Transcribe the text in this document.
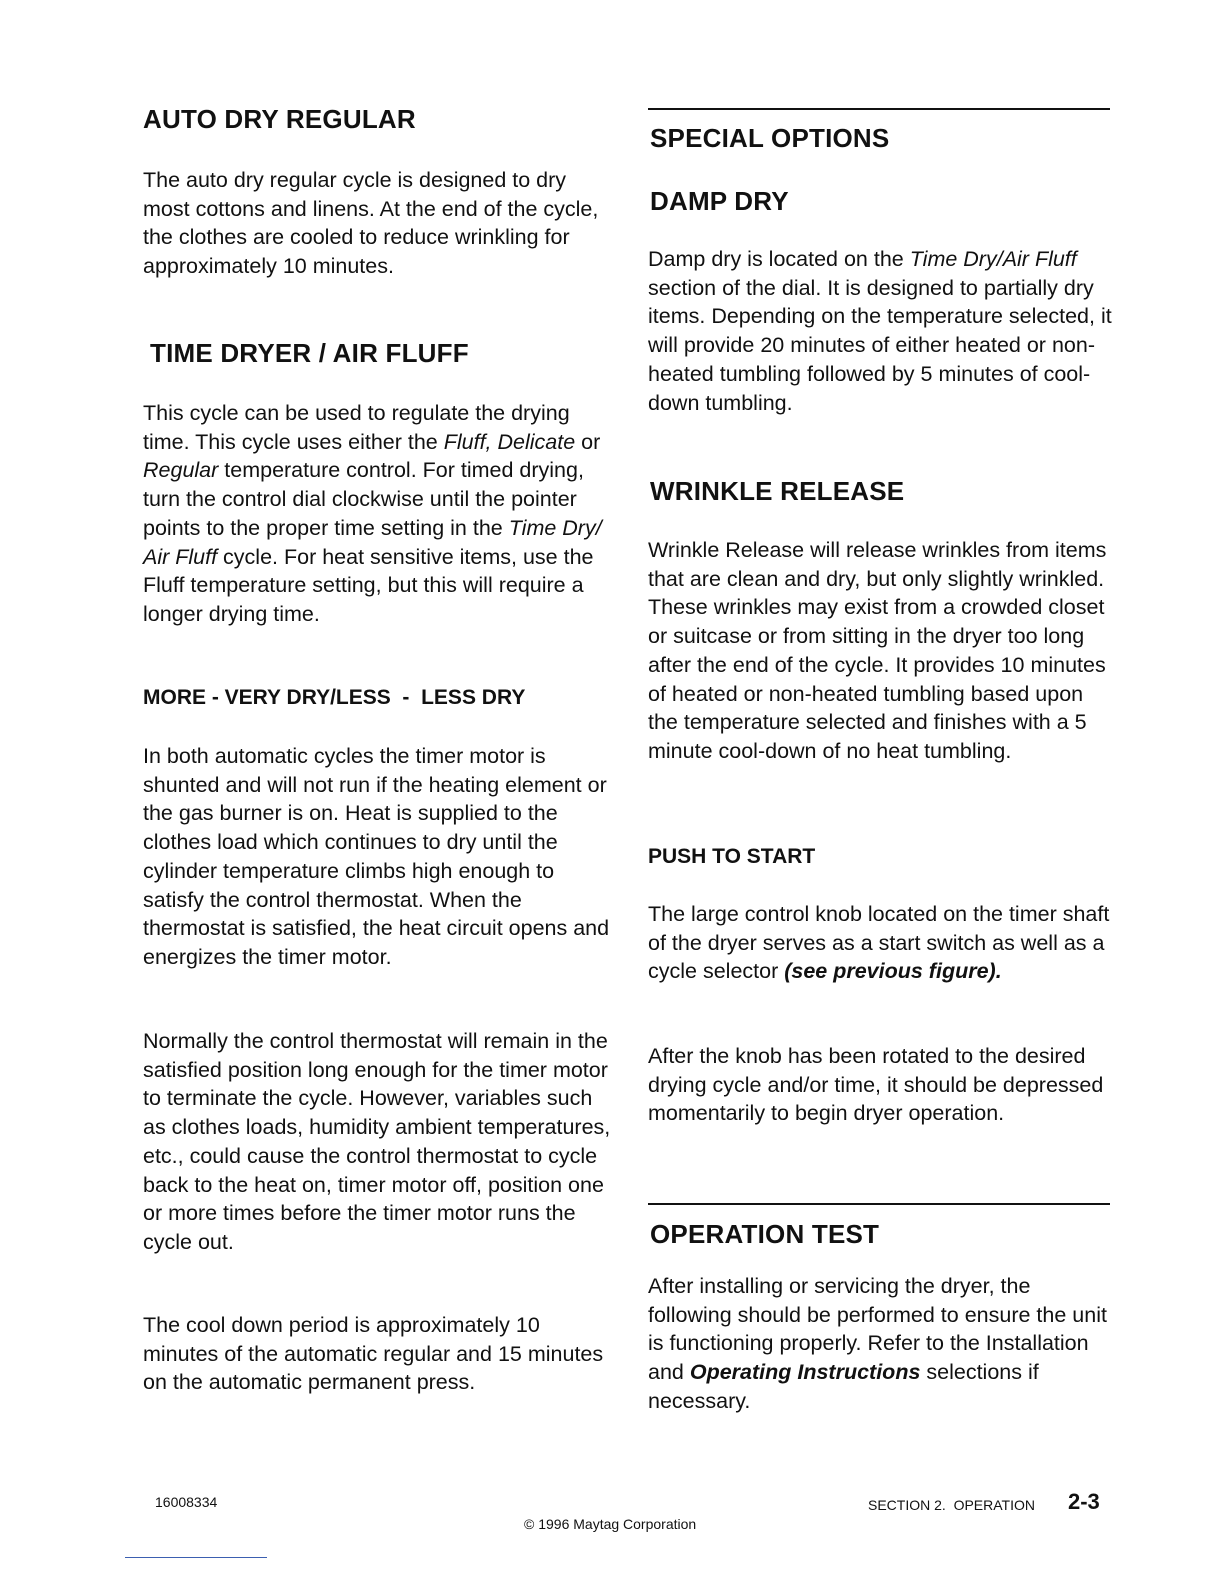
AUTO DRY REGULAR

The auto dry regular cycle is designed to dry most cottons and linens. At the end of the cycle, the clothes are cooled to reduce wrinkling for approximately 10 minutes.

TIME DRYER / AIR FLUFF

This cycle can be used to regulate the drying time. This cycle uses either the Fluff, Delicate or Regular temperature control. For timed drying, turn the control dial clockwise until the pointer points to the proper time setting in the Time Dry/ Air Fluff cycle. For heat sensitive items, use the Fluff temperature setting, but this will require a longer drying time.

MORE - VERY DRY/LESS  -  LESS DRY

In both automatic cycles the timer motor is shunted and will not run if the heating element or the gas burner is on. Heat is supplied to the clothes load which continues to dry until the cylinder temperature climbs high enough to satisfy the control thermostat. When the thermostat is satisfied, the heat circuit opens and energizes the timer motor.

Normally the control thermostat will remain in the satisfied position long enough for the timer motor to terminate the cycle. However, variables such as clothes loads, humidity ambient temperatures, etc., could cause the control thermostat to cycle back to the heat on, timer motor off, position one or more times before the timer motor runs the cycle out.

The cool down period is approximately 10 minutes of the automatic regular and 15 minutes on the automatic permanent press.

SPECIAL OPTIONS
DAMP DRY

Damp dry is located on the Time Dry/Air Fluff section of the dial. It is designed to partially dry items. Depending on the temperature selected, it will provide 20 minutes of either heated or non-heated tumbling followed by 5 minutes of cool-down tumbling.

WRINKLE RELEASE

Wrinkle Release will release wrinkles from items that are clean and dry, but only slightly wrinkled. These wrinkles may exist from a crowded closet or suitcase or from sitting in the dryer too long after the end of the cycle. It provides 10 minutes of heated or non-heated tumbling based upon the temperature selected and finishes with a 5 minute cool-down of no heat tumbling.

PUSH TO START

The large control knob located on the timer shaft of the dryer serves as a start switch as well as a cycle selector (see previous figure).

After the knob has been rotated to the desired drying cycle and/or time, it should be depressed momentarily to begin dryer operation.

OPERATION TEST

After installing or servicing the dryer, the following should be performed to ensure the unit is functioning properly. Refer to the Installation and Operating Instructions selections if necessary.

16008334
© 1996 Maytag Corporation
SECTION 2.  OPERATION 2-3
